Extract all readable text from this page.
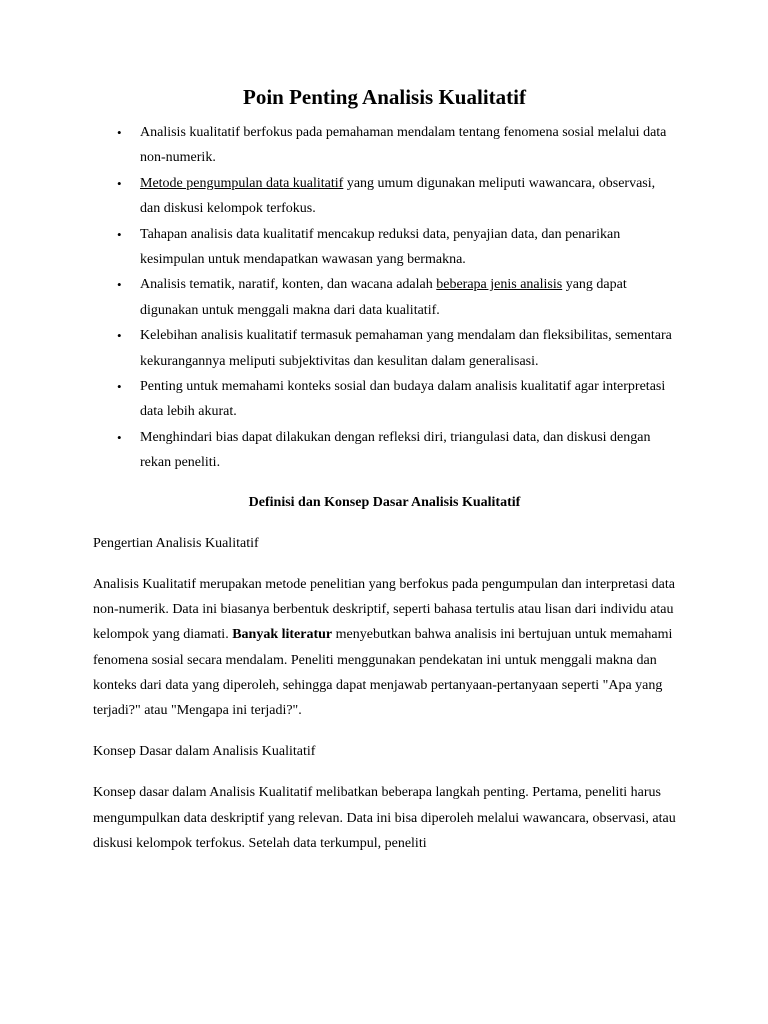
Poin Penting Analisis Kualitatif
• Analisis kualitatif berfokus pada pemahaman mendalam tentang fenomena sosial melalui data non-numerik.
• Metode pengumpulan data kualitatif yang umum digunakan meliputi wawancara, observasi, dan diskusi kelompok terfokus.
• Tahapan analisis data kualitatif mencakup reduksi data, penyajian data, dan penarikan kesimpulan untuk mendapatkan wawasan yang bermakna.
• Analisis tematik, naratif, konten, dan wacana adalah beberapa jenis analisis yang dapat digunakan untuk menggali makna dari data kualitatif.
• Kelebihan analisis kualitatif termasuk pemahaman yang mendalam dan fleksibilitas, sementara kekurangannya meliputi subjektivitas dan kesulitan dalam generalisasi.
• Penting untuk memahami konteks sosial dan budaya dalam analisis kualitatif agar interpretasi data lebih akurat.
• Menghindari bias dapat dilakukan dengan refleksi diri, triangulasi data, dan diskusi dengan rekan peneliti.
Definisi dan Konsep Dasar Analisis Kualitatif

Pengertian Analisis Kualitatif

Analisis Kualitatif merupakan metode penelitian yang berfokus pada pengumpulan dan interpretasi data non-numerik. Data ini biasanya berbentuk deskriptif, seperti bahasa tertulis atau lisan dari individu atau kelompok yang diamati. Banyak literatur menyebutkan bahwa analisis ini bertujuan untuk memahami fenomena sosial secara mendalam. Peneliti menggunakan pendekatan ini untuk menggali makna dan konteks dari data yang diperoleh, sehingga dapat menjawab pertanyaan-pertanyaan seperti "Apa yang terjadi?" atau "Mengapa ini terjadi?".

Konsep Dasar dalam Analisis Kualitatif

Konsep dasar dalam Analisis Kualitatif melibatkan beberapa langkah penting. Pertama, peneliti harus mengumpulkan data deskriptif yang relevan. Data ini bisa diperoleh melalui wawancara, observasi, atau diskusi kelompok terfokus. Setelah data terkumpul, peneliti
